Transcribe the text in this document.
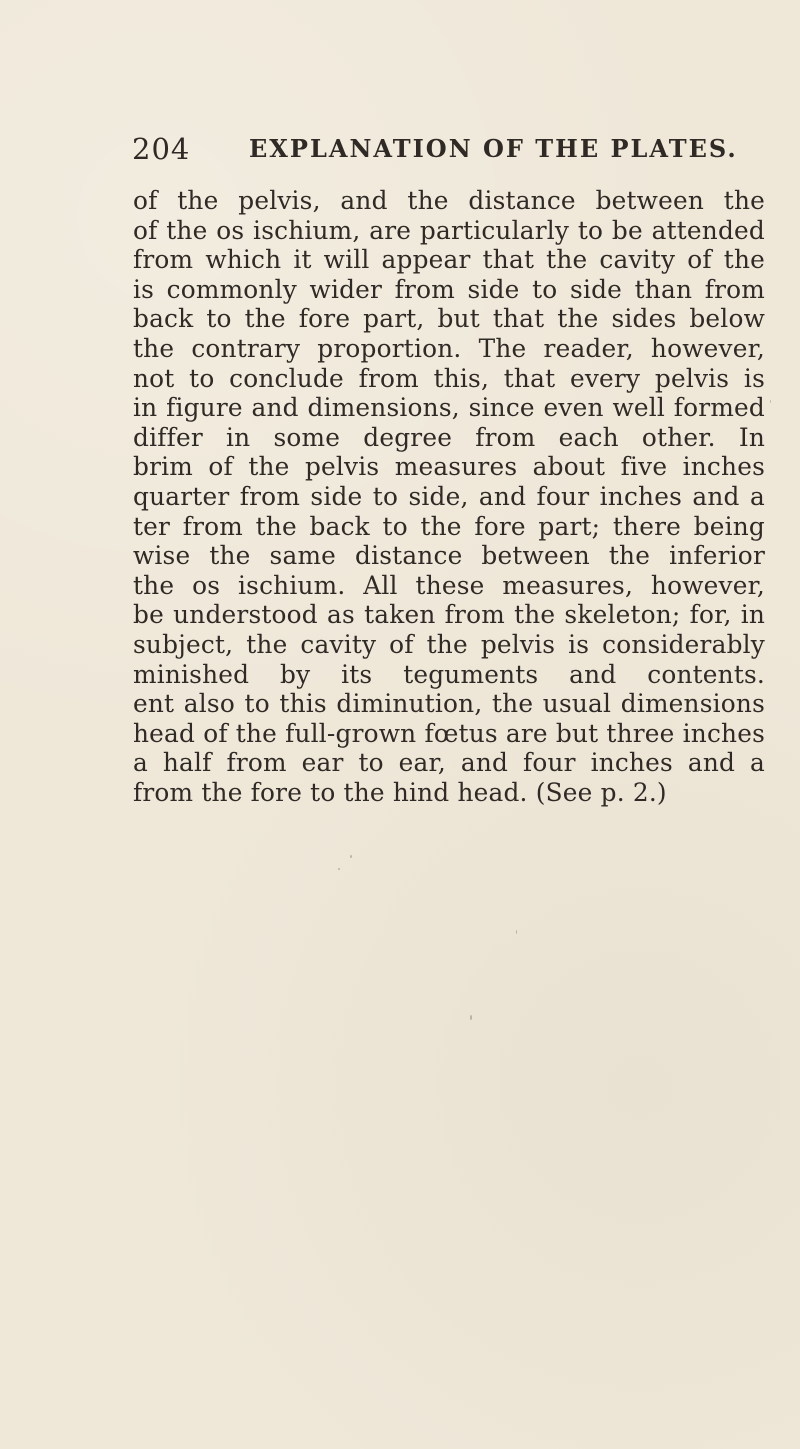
204 EXPLANATION OF THE PLATES.
of the pelvis, and the distance between the
of the os ischium, are particularly to be attended
from which it will appear that the cavity of the
is commonly wider from side to side than from
back to the fore part, but that the sides below
the contrary proportion. The reader, however,
not to conclude from this, that every pelvis is
in figure and dimensions, since even well formed
differ in some degree from each other. In
brim of the pelvis measures about five inches
quarter from side to side, and four inches and a
ter from the back to the fore part; there being
wise the same distance between the inferior
the os ischium. All these measures, however,
be understood as taken from the skeleton; for, in
subject, the cavity of the pelvis is considerably
minished by its teguments and contents.
ent also to this diminution, the usual dimensions
head of the full-grown fœtus are but three inches
a half from ear to ear, and four inches and a
from the fore to the hind head. (See p. 2.)
